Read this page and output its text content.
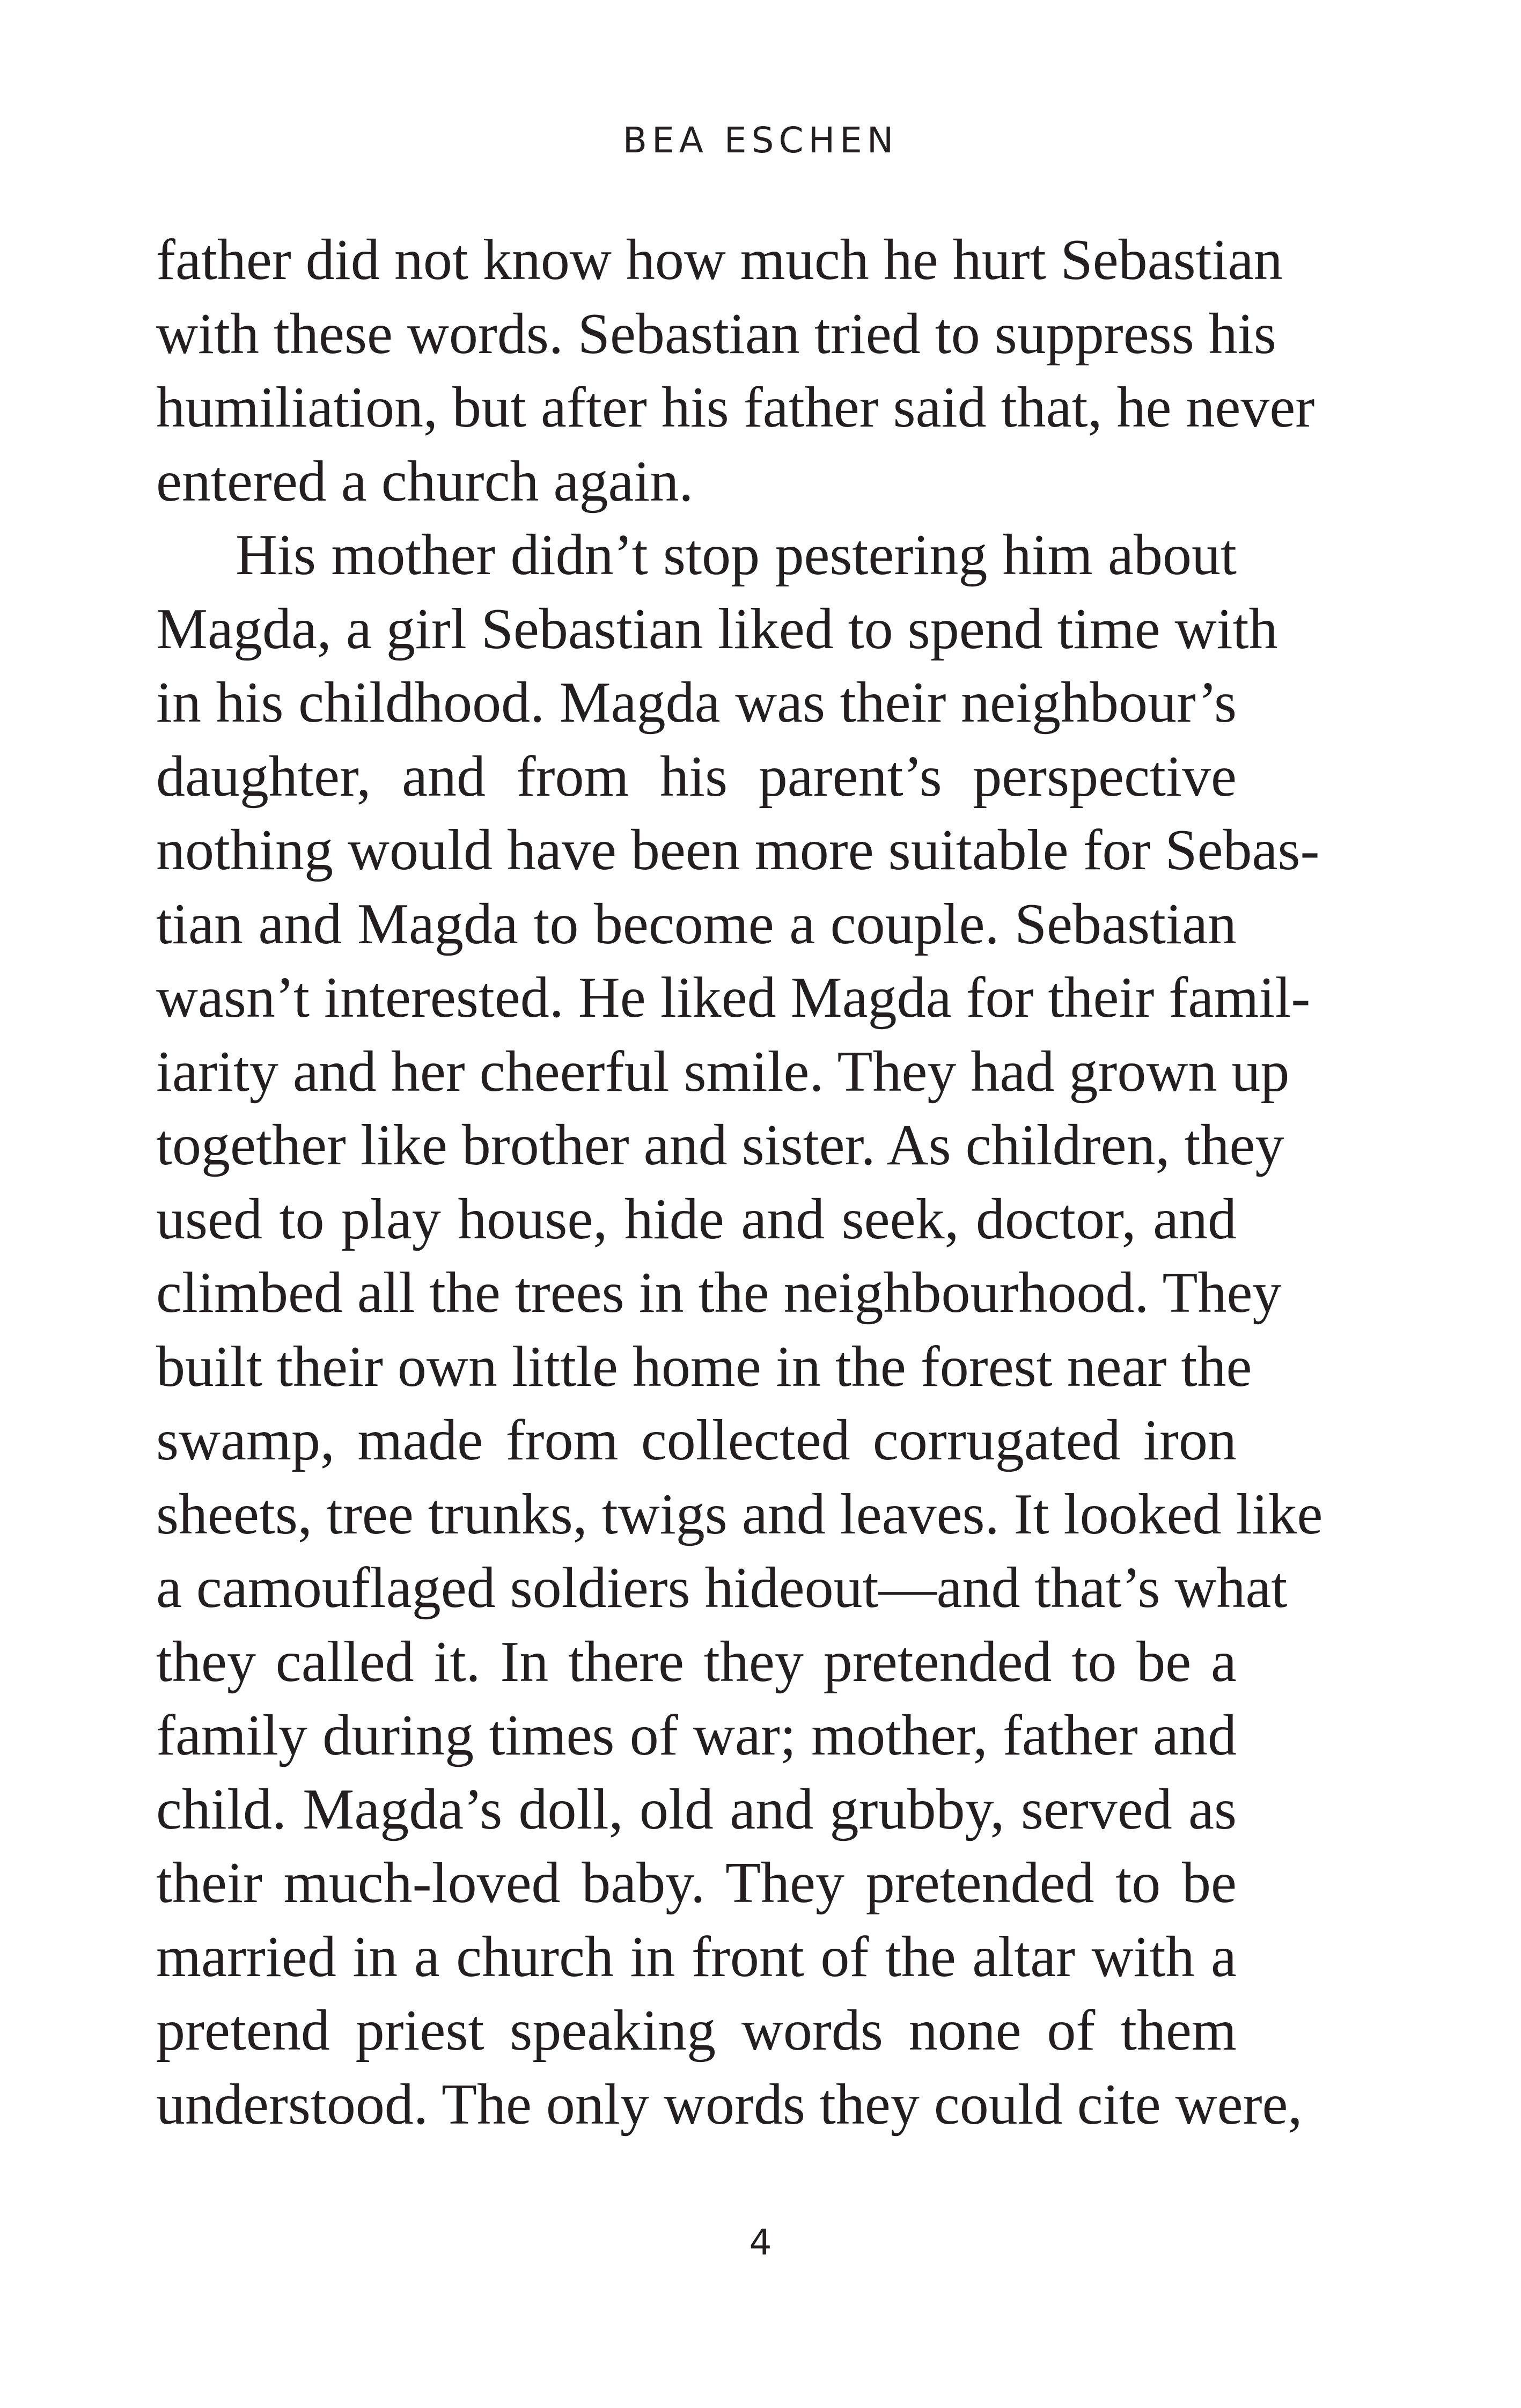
BEA ESCHEN
father did not know how much he hurt Sebastian
with these words. Sebastian tried to suppress his
humiliation, but after his father said that, he never
entered a church again.
His mother didn’t stop pestering him about
Magda, a girl Sebastian liked to spend time with
in his childhood. Magda was their neighbour’s
daughter, and from his parent’s perspective
nothing would have been more suitable for Sebas-
tian and Magda to become a couple. Sebastian
wasn’t interested. He liked Magda for their famil-
iarity and her cheerful smile. They had grown up
together like brother and sister. As children, they
used to play house, hide and seek, doctor, and
climbed all the trees in the neighbourhood. They
built their own little home in the forest near the
swamp, made from collected corrugated iron
sheets, tree trunks, twigs and leaves. It looked like
a camouflaged soldiers hideout—and that’s what
they called it. In there they pretended to be a
family during times of war; mother, father and
child. Magda’s doll, old and grubby, served as
their much-loved baby. They pretended to be
married in a church in front of the altar with a
pretend priest speaking words none of them
understood. The only words they could cite were,
4
